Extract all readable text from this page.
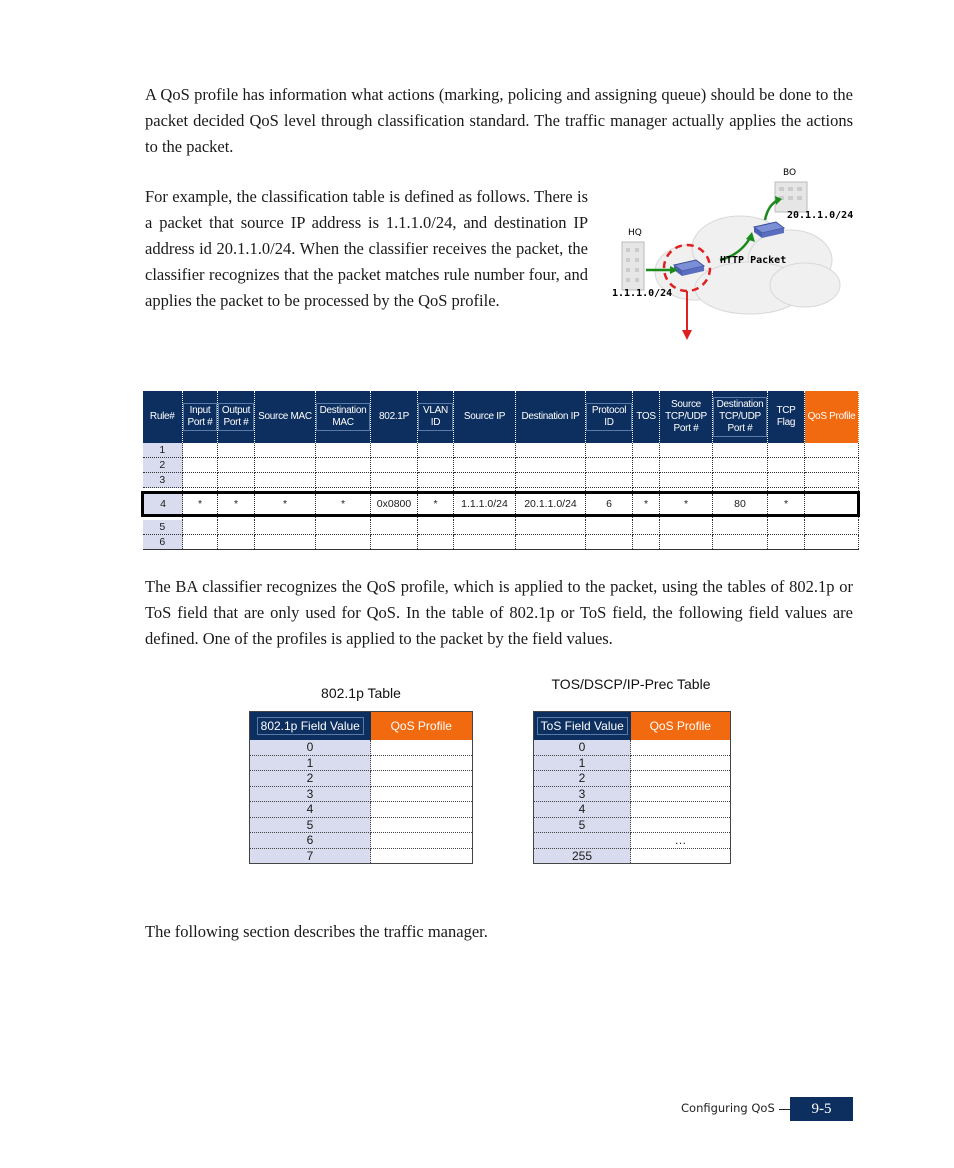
A QoS profile has information what actions (marking, policing and assigning queue) should be done to the packet decided QoS level through classification standard. The traffic manager actually applies the actions to the packet.

For example, the classification table is defined as follows. There is a packet that source IP address is 1.1.1.0/24, and destination IP address id 20.1.1.0/24. When the classifier receives the packet, the classifier recognizes that the packet matches rule number four, and applies the packet to be processed by the QoS profile.

BO
HQ
20.1.1.0/24
1.1.1.0/24
HTTP Packet
Rule#	Input Port #	Output Port #	Source MAC	Destination MAC	802.1P	VLAN ID	Source IP	Destination IP	Protocol ID	TOS	Source TCP/UDP Port #	Destination TCP/UDP Port #	TCP Flag	QoS Profile
1														
2														
3														

4	*	*	*	*	0x0800	*	1.1.1.0/24	20.1.1.0/24	6	*	*	80	*	

5														
6														

The BA classifier recognizes the QoS profile, which is applied to the packet, using the tables of 802.1p or ToS field that are only used for QoS. In the table of 802.1p or ToS field, the following field values are defined. One of the profiles is applied to the packet by the field values.

802.1p Table
802.1p Field Value	QoS Profile
0	
1	
2	
3	
4	
5	
6	
7	
TOS/DSCP/IP-Prec Table
ToS Field Value	QoS Profile
0	
1	
2	
3	
4	
5	
	…
255	

The following section describes the traffic manager.

Configuring QoS	9-5
